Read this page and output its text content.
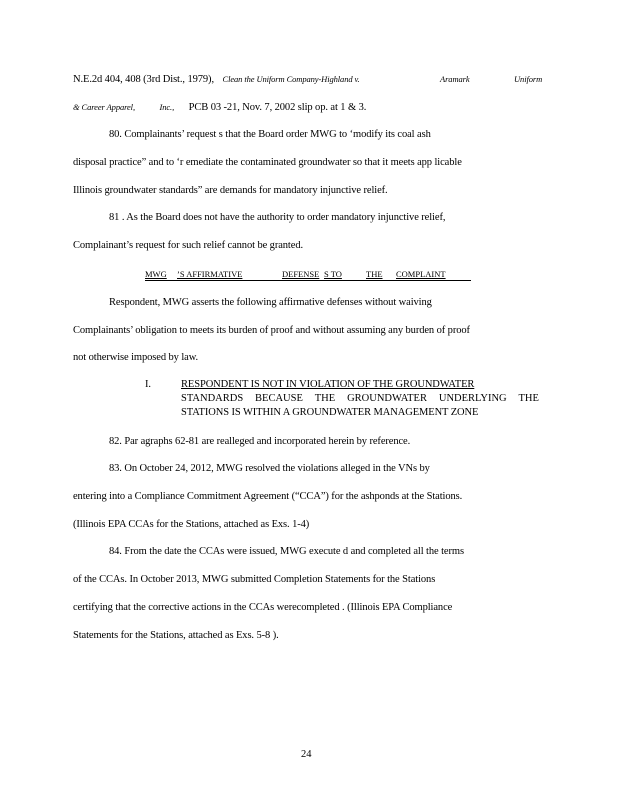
N.E.2d 404, 408 (3rd Dist., 1979), Clean the Uniform Company-Highland v.	Aramark	Uniform
& Career Apparel,	Inc., PCB 03 -21, Nov. 7, 2002 slip op. at 1 & 3.
80. Complainants’ request s that the Board order MWG to ‘modify its coal ash
disposal practice” and to ‘r emediate the contaminated groundwater so that it meets app licable
Illinois groundwater standards” are demands for mandatory injunctive relief.
81 . As the Board does not have the authority to order mandatory injunctive relief,
Complainant’s request for such relief cannot be granted.
MWG ’S AFFIRMATIVE	DEFENSE S TO	THE COMPLAINT
Respondent, MWG asserts the following affirmative defenses without waiving
Complainants’ obligation to meets its burden of proof and without assuming any burden of proof
not otherwise imposed by law.
I.	RESPONDENT IS NOT IN VIOLATION OF THE GROUNDWATER
STANDARDS BECAUSE THE GROUNDWATER UNDERLYING THE
STATIONS IS WITHIN A GROUNDWATER MANAGEMENT ZONE
82. Par agraphs 62-81 are realleged and incorporated herein by reference.
83. On October 24, 2012, MWG resolved the violations alleged in the VNs by
entering into a Compliance Commitment Agreement (“CCA”) for the ashponds at the Stations.
(Illinois EPA CCAs for the Stations, attached as Exs. 1-4)
84. From the date the CCAs were issued, MWG execute d and completed all the terms
of the CCAs. In October 2013, MWG submitted Completion Statements for the Stations
certifying that the corrective actions in the CCAs werecompleted . (Illinois EPA Compliance
Statements for the Stations, attached as Exs. 5-8 ).
24
